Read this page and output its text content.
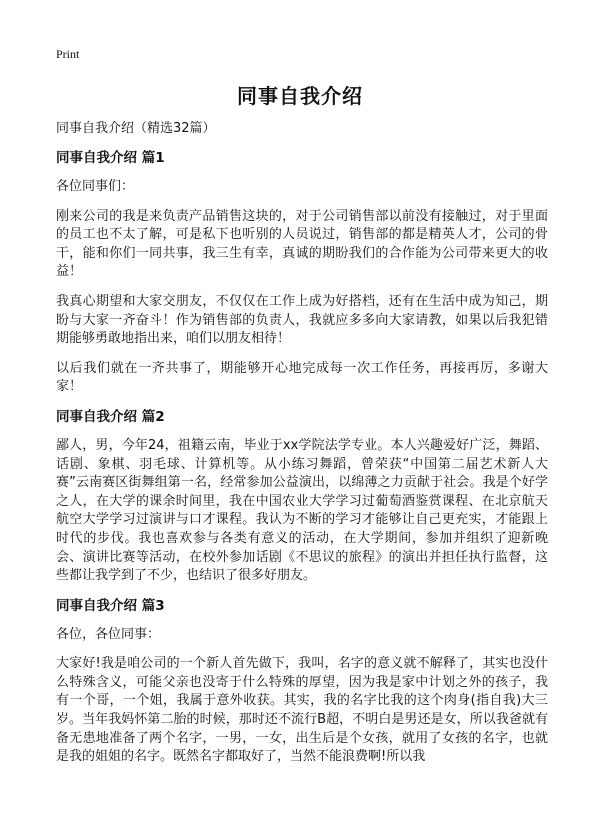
Print
同事自我介绍
同事自我介绍（精选32篇）
同事自我介绍 篇1

各位同事们：

刚来公司的我是来负责产品销售这块的，对于公司销售部以前没有接触过，对于里面的员工也不太了解，可是私下也听别的人员说过，销售部的都是精英人才，公司的骨干，能和你们一同共事，我三生有幸，真诚的期盼我们的合作能为公司带来更大的收益！

我真心期望和大家交朋友，不仅仅在工作上成为好搭档，还有在生活中成为知己，期盼与大家一齐奋斗！作为销售部的负责人，我就应多多向大家请教，如果以后我犯错期能够勇敢地指出来，咱们以朋友相待！

以后我们就在一齐共事了，期能够开心地完成每一次工作任务，再接再厉，多谢大家！

同事自我介绍 篇2

鄙人，男，今年24，祖籍云南，毕业于xx学院法学专业。本人兴趣爱好广泛，舞蹈、话剧、象棋、羽毛球、计算机等。从小练习舞蹈，曾荣获“中国第二届艺术新人大赛”云南赛区街舞组第一名，经常参加公益演出，以绵薄之力贡献于社会。我是个好学之人，在大学的课余时间里，我在中国农业大学学习过葡萄酒鉴赏课程、在北京航天航空大学学习过演讲与口才课程。我认为不断的学习才能够让自己更充实，才能跟上时代的步伐。我也喜欢参与各类有意义的活动，在大学期间，参加并组织了迎新晚会、演讲比赛等活动，在校外参加话剧《不思议的旅程》的演出并担任执行监督，这些都让我学到了不少，也结识了很多好朋友。

同事自我介绍 篇3

各位，各位同事：

大家好!我是咱公司的一个新人首先做下，我叫，名字的意义就不解释了，其实也没什么特殊含义，可能父亲也没寄于什么特殊的厚望，因为我是家中计划之外的孩子，我有一个哥，一个姐，我属于意外收获。其实，我的名字比我的这个肉身(指自我)大三岁。当年我妈怀第二胎的时候，那时还不流行B超，不明白是男还是女，所以我爸就有备无患地准备了两个名字，一男，一女，出生后是个女孩，就用了女孩的名字，也就是我的姐姐的名字。既然名字都取好了，当然不能浪费啊!所以我
